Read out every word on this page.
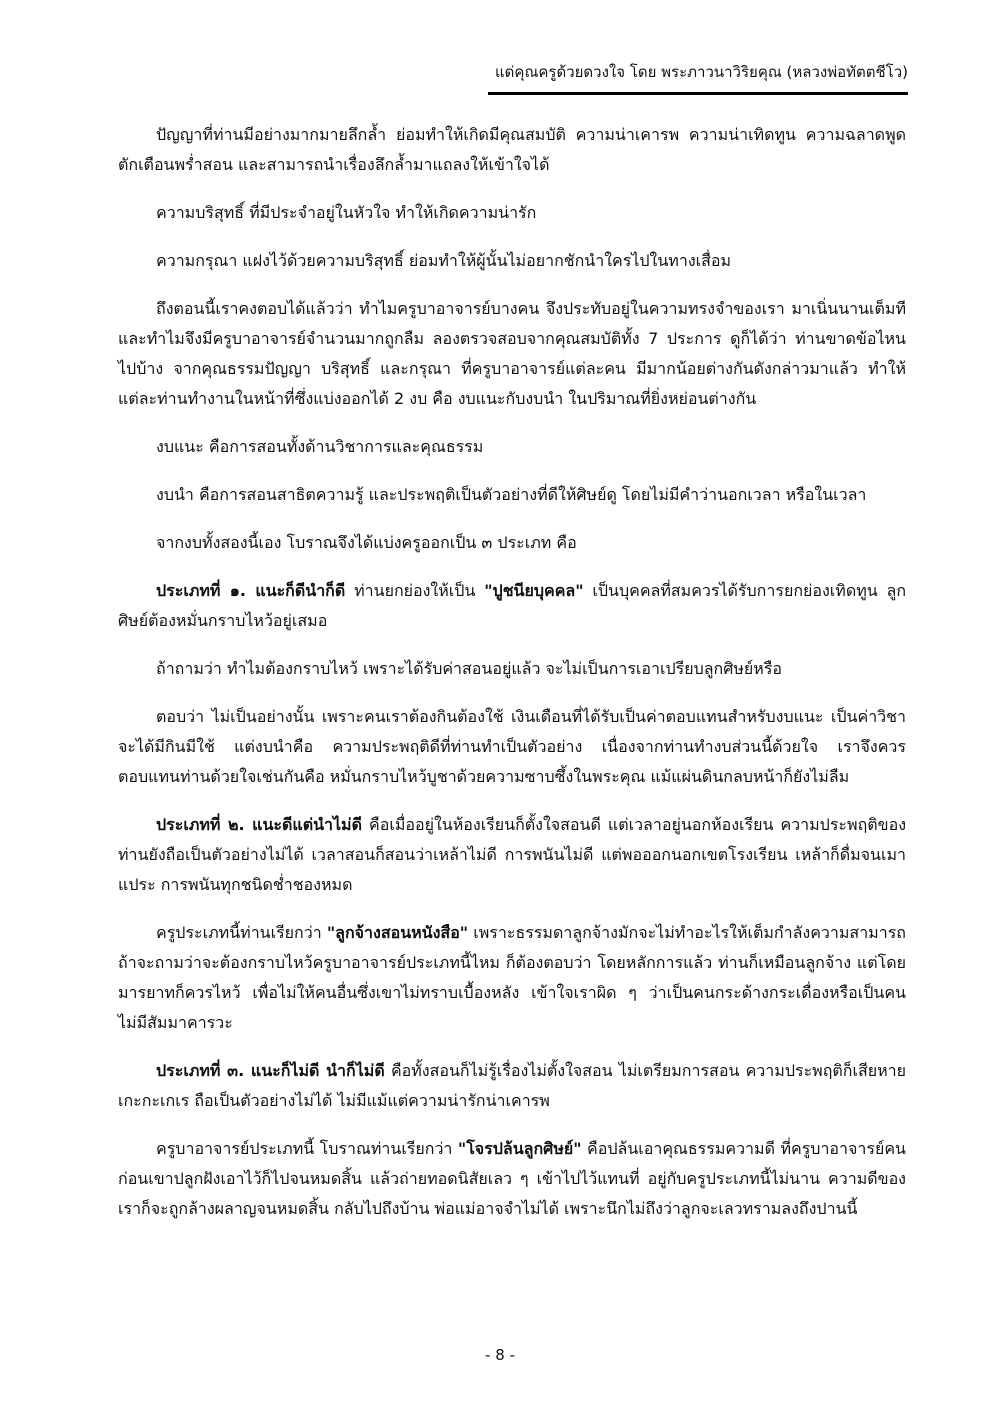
แด่คุณครูด้วยดวงใจ โดย พระภาวนาวิริยคุณ (หลวงพ่อทัตตชีโว)

ปัญญาที่ท่านมีอย่างมากมายลึกล้ำ ย่อมทำให้เกิดมีคุณสมบัติ ความน่าเคารพ ความน่าเทิดทูน ความฉลาดพูด ตักเตือนพร่ำสอน และสามารถนำเรื่องลึกล้ำมาแถลงให้เข้าใจได้

ความบริสุทธิ์ ที่มีประจำอยู่ในหัวใจ ทำให้เกิดความน่ารัก

ความกรุณา แฝงไว้ด้วยความบริสุทธิ์ ย่อมทำให้ผู้นั้นไม่อยากชักนำใครไปในทางเสื่อม

ถึงตอนนี้เราคงตอบได้แล้วว่า ทำไมครูบาอาจารย์บางคน จึงประทับอยู่ในความทรงจำของเรา มาเนิ่นนานเต็มที และทำไมจึงมีครูบาอาจารย์จำนวนมากถูกลืม ลองตรวจสอบจากคุณสมบัติทั้ง 7 ประการ ดูก็ได้ว่า ท่านขาดข้อไหนไปบ้าง จากคุณธรรมปัญญา บริสุทธิ์ และกรุณา ที่ครูบาอาจารย์แต่ละคน มีมากน้อยต่างกันดังกล่าวมาแล้ว ทำให้แต่ละท่านทำงานในหน้าที่ซึ่งแบ่งออกได้ 2 งบ คือ งบแนะกับงบนำ ในปริมาณที่ยิ่งหย่อนต่างกัน

งบแนะ คือการสอนทั้งด้านวิชาการและคุณธรรม

งบนำ คือการสอนสาธิตความรู้ และประพฤติเป็นตัวอย่างที่ดีให้ศิษย์ดู โดยไม่มีคำว่านอกเวลา หรือในเวลา

จากงบทั้งสองนี้เอง โบราณจึงได้แบ่งครูออกเป็น ๓ ประเภท คือ

ประเภทที่ ๑. แนะก็ดีนำก็ดี ท่านยกย่องให้เป็น "ปูชนียบุคคล" เป็นบุคคลที่สมควรได้รับการยกย่องเทิดทูน ลูกศิษย์ต้องหมั่นกราบไหว้อยู่เสมอ

ถ้าถามว่า ทำไมต้องกราบไหว้ เพราะได้รับค่าสอนอยู่แล้ว จะไม่เป็นการเอาเปรียบลูกศิษย์หรือ

ตอบว่า ไม่เป็นอย่างนั้น เพราะคนเราต้องกินต้องใช้ เงินเดือนที่ได้รับเป็นค่าตอบแทนสำหรับงบแนะ เป็นค่าวิชา จะได้มีกินมีใช้ แต่งบนำคือ ความประพฤติดีที่ท่านทำเป็นตัวอย่าง เนื่องจากท่านทำงบส่วนนี้ด้วยใจ เราจึงควรตอบแทนท่านด้วยใจเช่นกันคือ หมั่นกราบไหว้บูชาด้วยความซาบซึ้งในพระคุณ แม้แผ่นดินกลบหน้าก็ยังไม่ลืม

ประเภทที่ ๒. แนะดีแต่นำไม่ดี คือเมื่ออยู่ในห้องเรียนก็ตั้งใจสอนดี แต่เวลาอยู่นอกห้องเรียน ความประพฤติของท่านยังถือเป็นตัวอย่างไม่ได้ เวลาสอนก็สอนว่าเหล้าไม่ดี การพนันไม่ดี แต่พอออกนอกเขตโรงเรียน เหล้าก็ดื่มจนเมาแประ การพนันทุกชนิดช่ำชองหมด

ครูประเภทนี้ท่านเรียกว่า "ลูกจ้างสอนหนังสือ" เพราะธรรมดาลูกจ้างมักจะไม่ทำอะไรให้เต็มกำลังความสามารถ ถ้าจะถามว่าจะต้องกราบไหว้ครูบาอาจารย์ประเภทนี้ไหม ก็ต้องตอบว่า โดยหลักการแล้ว ท่านก็เหมือนลูกจ้าง แต่โดยมารยาทก็ควรไหว้ เพื่อไม่ให้คนอื่นซึ่งเขาไม่ทราบเบื้องหลัง เข้าใจเราผิด ๆ ว่าเป็นคนกระด้างกระเดื่องหรือเป็นคนไม่มีสัมมาคารวะ

ประเภทที่ ๓. แนะก็ไม่ดี นำก็ไม่ดี คือทั้งสอนก็ไม่รู้เรื่องไม่ตั้งใจสอน ไม่เตรียมการสอน ความประพฤติก็เสียหาย เกะกะเกเร ถือเป็นตัวอย่างไม่ได้ ไม่มีแม้แต่ความน่ารักน่าเคารพ

ครูบาอาจารย์ประเภทนี้ โบราณท่านเรียกว่า "โจรปล้นลูกศิษย์" คือปล้นเอาคุณธรรมความดี ที่ครูบาอาจารย์คนก่อนเขาปลูกฝังเอาไว้ก็ไปจนหมดสิ้น แล้วถ่ายทอดนิสัยเลว ๆ เข้าไปไว้แทนที่ อยู่กับครูประเภทนี้ไม่นาน ความดีของเราก็จะถูกล้างผลาญจนหมดสิ้น กลับไปถึงบ้าน พ่อแม่อาจจำไม่ได้ เพราะนึกไม่ถึงว่าลูกจะเลวทรามลงถึงปานนี้

- 8 -
